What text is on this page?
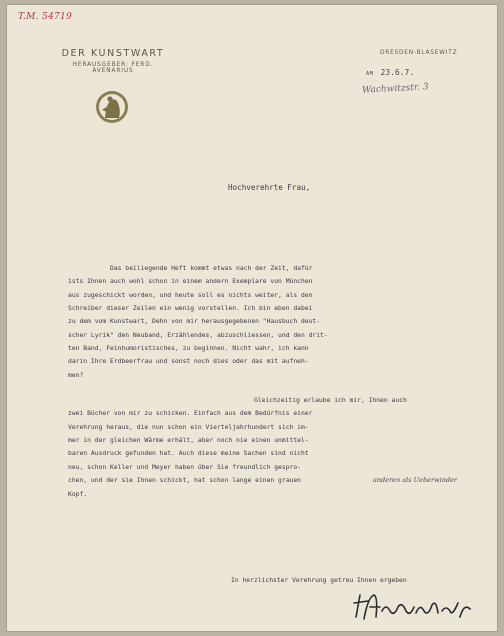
T.M. 54719
DER KUNSTWART
HERAUSGEBER: FERD. AVENARIUS
DRESDEN-BLASEWITZ
AM 23.6.7.
Wachwitzstr. 3
Hochverehrte Frau,
Das beiliegende Heft kommt etwas nach der Zeit, dafür
ists Ihnen auch wohl schon in einem andern Exemplare von München
aus zugeschickt worden, und heute soll es nichts weiter, als den
Schreiber dieser Zeilen ein wenig vorstellen. Ich bin eben dabei
zu dem vom Kunstwart, Dehn von mir herausgegebenen "Hausbuch deut-
scher Lyrik" den Neuband, Erzählendes, abzuschliessen, und den drit-
ten Band, Feinhumoristisches, zu beginnen. Nicht wahr, ich kann
darin Ihre Erdbeerfrau und sonst noch dies oder das mit aufneh-
men?
Gleichzeitig erlaube ich mir, Ihnen auch
zwei Bücher von mir zu schicken. Einfach aus dem Bedürfnis einer
Verehrung heraus, die nun schon ein Vierteljahrhundert sich im-
mer in der gleichen Wärme erhält, aber noch nie einen unmittel-
baren Ausdruck gefunden hat. Auch diese meine Sachen sind nicht
neu, schon Keller und Meyer haben über Sie freundlich gespro-
chen, und der sie Ihnen schickt, hat schon lange einen grauen
Kopf.
In herzlichster Verehrung getreu Ihnen ergeben
anderen als Ueberwinder
